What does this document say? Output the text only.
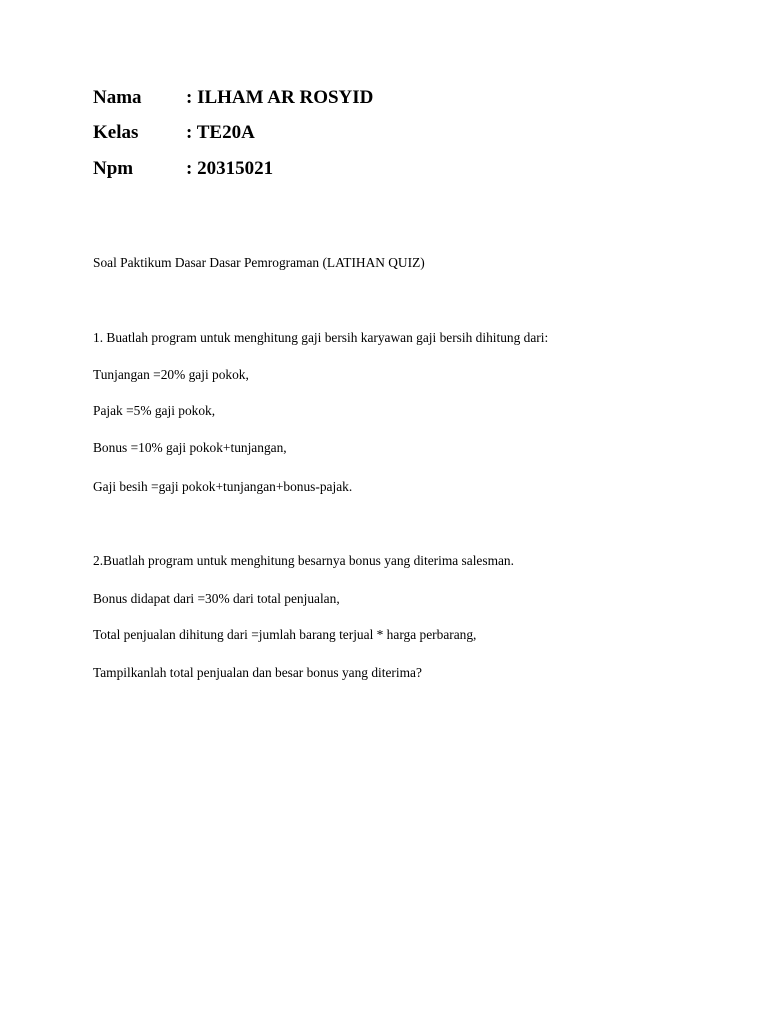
Nama : ILHAM AR ROSYID
Kelas	: TE20A
Npm	: 20315021
Soal Paktikum Dasar Dasar Pemrograman (LATIHAN QUIZ)
1. Buatlah program untuk menghitung gaji bersih karyawan gaji bersih dihitung dari:
Tunjangan =20% gaji pokok,
Pajak =5% gaji pokok,
Bonus =10% gaji pokok+tunjangan,
Gaji besih =gaji pokok+tunjangan+bonus-pajak.
2.Buatlah program untuk menghitung besarnya bonus yang diterima salesman.
Bonus didapat dari =30% dari total penjualan,
Total penjualan dihitung dari =jumlah barang terjual * harga perbarang,
Tampilkanlah total penjualan dan besar bonus yang diterima?
